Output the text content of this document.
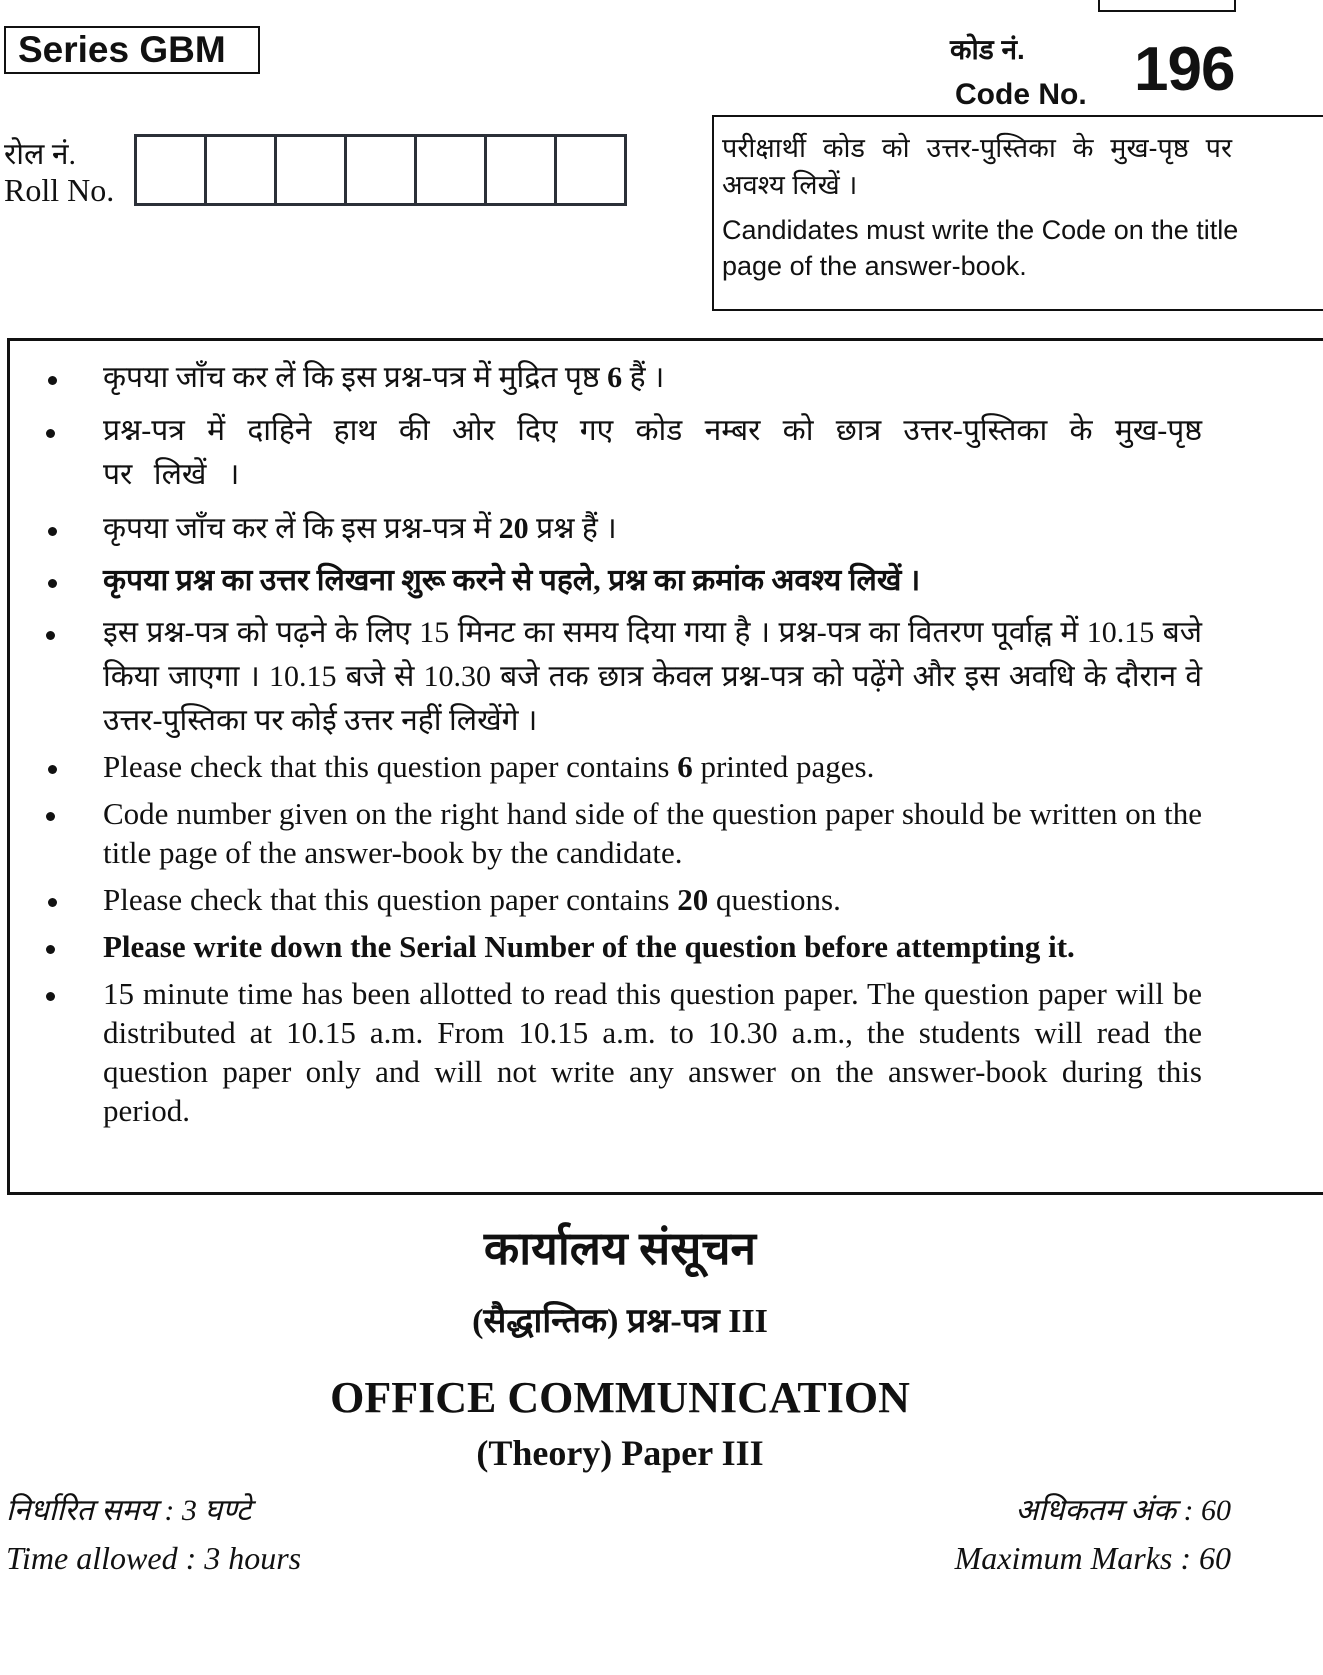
Series GBM
रोल नं.
Roll No.
कोड नं.
Code No. 196
परीक्षार्थी कोड को उत्तर-पुस्तिका के मुख-पृष्ठ पर अवश्य लिखें ।
Candidates must write the Code on the title page of the answer-book.
कृपया जाँच कर लें कि इस प्रश्न-पत्र में मुद्रित पृष्ठ 6 हैं ।
प्रश्न-पत्र में दाहिने हाथ की ओर दिए गए कोड नम्बर को छात्र उत्तर-पुस्तिका के मुख-पृष्ठ पर लिखें ।
कृपया जाँच कर लें कि इस प्रश्न-पत्र में 20 प्रश्न हैं ।
कृपया प्रश्न का उत्तर लिखना शुरू करने से पहले, प्रश्न का क्रमांक अवश्य लिखें ।
इस प्रश्न-पत्र को पढ़ने के लिए 15 मिनट का समय दिया गया है । प्रश्न-पत्र का वितरण पूर्वाह्न में 10.15 बजे किया जाएगा । 10.15 बजे से 10.30 बजे तक छात्र केवल प्रश्न-पत्र को पढ़ेंगे और इस अवधि के दौरान वे उत्तर-पुस्तिका पर कोई उत्तर नहीं लिखेंगे ।
Please check that this question paper contains 6 printed pages.
Code number given on the right hand side of the question paper should be written on the title page of the answer-book by the candidate.
Please check that this question paper contains 20 questions.
Please write down the Serial Number of the question before attempting it.
15 minute time has been allotted to read this question paper. The question paper will be distributed at 10.15 a.m. From 10.15 a.m. to 10.30 a.m., the students will read the question paper only and will not write any answer on the answer-book during this period.
कार्यालय संसूचन
(सैद्धान्तिक) प्रश्न-पत्र III
OFFICE COMMUNICATION
(Theory) Paper III
निर्धारित समय : 3 घण्टे
Time allowed : 3 hours
अधिकतम अंक : 60
Maximum Marks : 60
